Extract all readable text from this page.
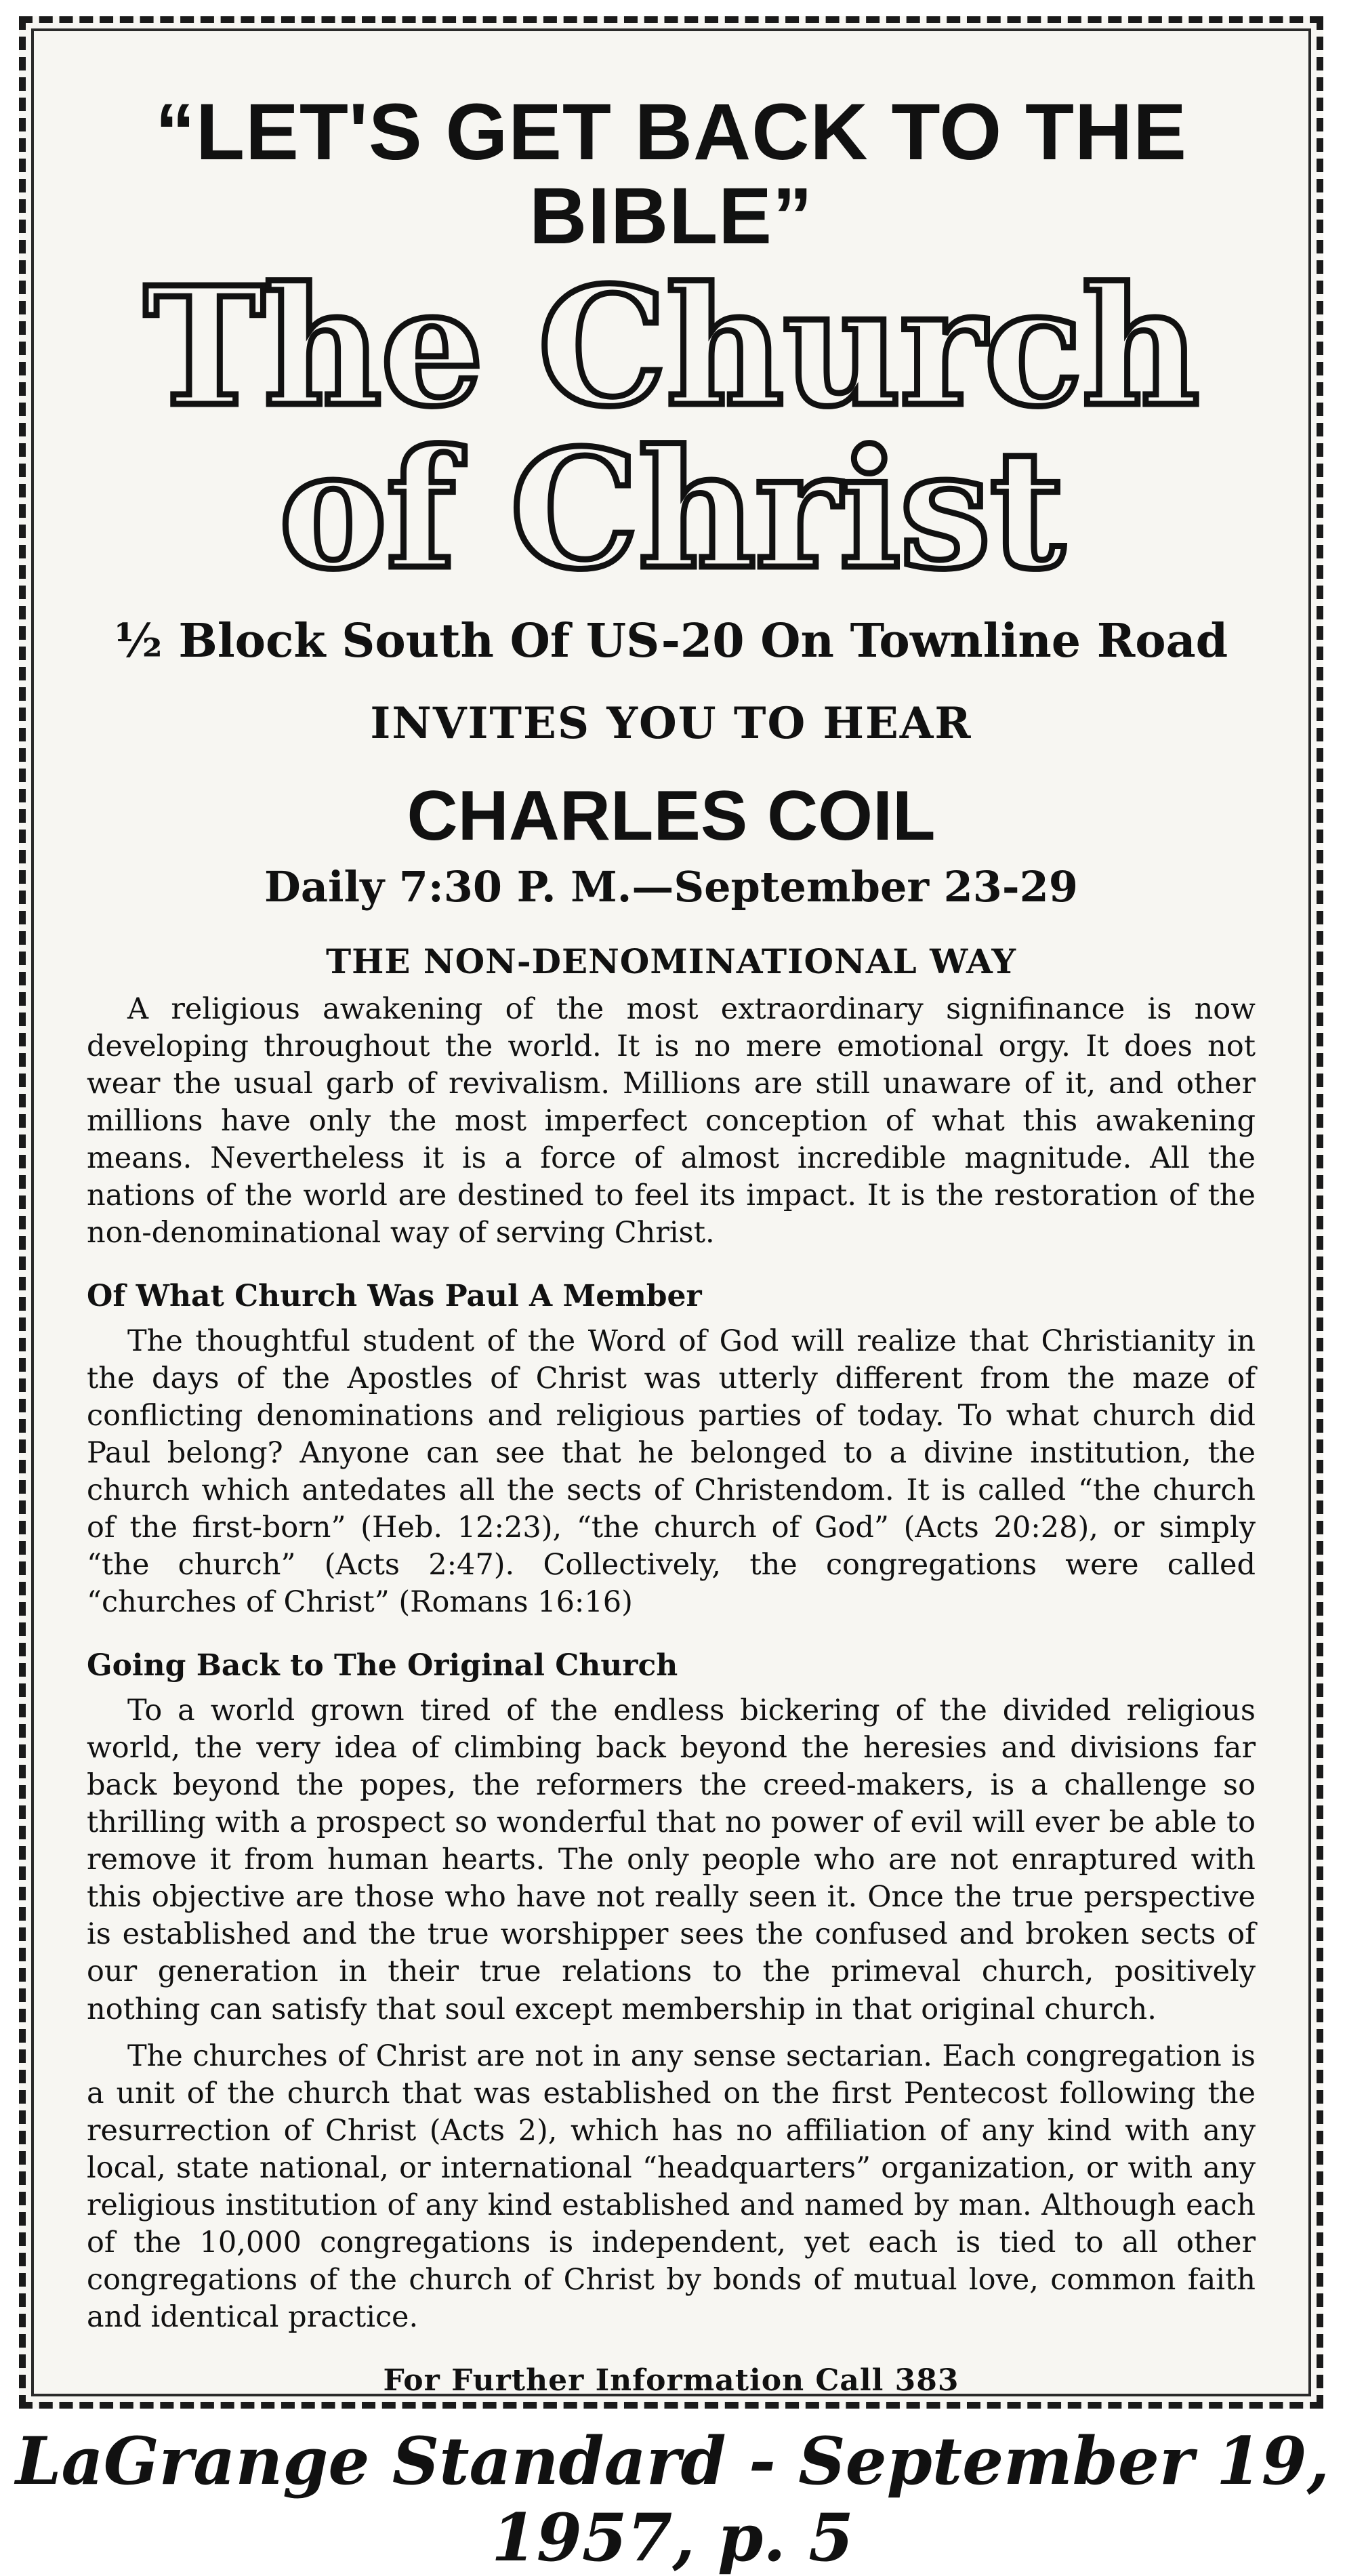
“LET'S GET BACK TO THE BIBLE”
The Church of Christ
½ Block South Of US-20 On Townline Road
INVITES YOU TO HEAR
CHARLES COIL
Daily 7:30 P. M.—September 23-29
THE NON-DENOMINATIONAL WAY

A religious awakening of the most extraordinary signifinance is now developing throughout the world. It is no mere emotional orgy. It does not wear the usual garb of revivalism. Millions are still unaware of it, and other millions have only the most imperfect conception of what this awakening means. Nevertheless it is a force of almost incredible magnitude. All the nations of the world are destined to feel its impact. It is the restoration of the non-denominational way of serving Christ.

Of What Church Was Paul A Member

The thoughtful student of the Word of God will realize that Christianity in the days of the Apostles of Christ was utterly different from the maze of conflicting denominations and religious parties of today. To what church did Paul belong? Anyone can see that he belonged to a divine institution, the church which antedates all the sects of Christendom. It is called “the church of the first-born” (Heb. 12:23), “the church of God” (Acts 20:28), or simply “the church” (Acts 2:47). Collectively, the congregations were called “churches of Christ” (Romans 16:16)

Going Back to The Original Church

To a world grown tired of the endless bickering of the divided religious world, the very idea of climbing back beyond the heresies and divisions far back beyond the popes, the reformers the creed-makers, is a challenge so thrilling with a prospect so wonderful that no power of evil will ever be able to remove it from human hearts. The only people who are not enraptured with this objective are those who have not really seen it. Once the true perspective is established and the true worshipper sees the confused and broken sects of our generation in their true relations to the primeval church, positively nothing can satisfy that soul except membership in that original church.

The churches of Christ are not in any sense sectarian. Each congregation is a unit of the church that was established on the first Pentecost following the resurrection of Christ (Acts 2), which has no affiliation of any kind with any local, state national, or international “headquarters” organization, or with any religious institution of any kind established and named by man. Although each of the 10,000 congregations is independent, yet each is tied to all other congregations of the church of Christ by bonds of mutual love, common faith and identical practice.

For Further Information Call 383
LaGrange Standard - September 19, 1957, p. 5
